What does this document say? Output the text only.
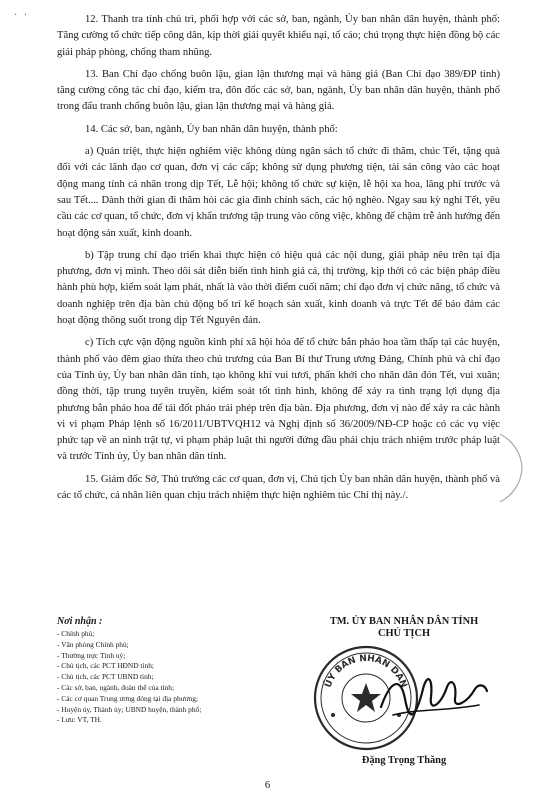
· ·	12. Thanh tra tỉnh chủ trì, phối hợp với các sở, ban, ngành, Ủy ban nhân dân huyện, thành phố: Tăng cường tổ chức tiếp công dân, kịp thời giải quyết khiếu nại, tố cáo; chú trọng thực hiện đồng bộ các giải pháp phòng, chống tham nhũng.

13. Ban Chỉ đạo chống buôn lậu, gian lận thương mại và hàng giả (Ban Chỉ đạo 389/ĐP tỉnh) tăng cường công tác chỉ đạo, kiểm tra, đôn đốc các sở, ban, ngành, Ủy ban nhân dân huyện, thành phố trong đấu tranh chống buôn lậu, gian lận thương mại và hàng giả.

14. Các sở, ban, ngành, Ủy ban nhân dân huyện, thành phố:

a) Quán triệt, thực hiện nghiêm việc không dùng ngân sách tổ chức đi thăm, chúc Tết, tặng quà đối với các lãnh đạo cơ quan, đơn vị các cấp; không sử dụng phương tiện, tài sản công vào các hoạt động mang tính cá nhân trong dịp Tết, Lễ hội; không tổ chức sự kiện, lễ hội xa hoa, lãng phí trước và sau Tết.... Dành thời gian đi thăm hỏi các gia đình chính sách, các hộ nghèo. Ngay sau kỳ nghỉ Tết, yêu cầu các cơ quan, tổ chức, đơn vị khẩn trương tập trung vào công việc, không để chậm trễ ảnh hưởng đến hoạt động sản xuất, kinh doanh.

b) Tập trung chỉ đạo triển khai thực hiện có hiệu quả các nội dung, giải pháp nêu trên tại địa phương, đơn vị mình. Theo dõi sát diễn biến tình hình giá cả, thị trường, kịp thời có các biện pháp điều hành phù hợp, kiểm soát lạm phát, nhất là vào thời điểm cuối năm; chỉ đạo đơn vị chức năng, tổ chức và doanh nghiệp trên địa bàn chủ động bố trí kế hoạch sản xuất, kinh doanh và trực Tết để bảo đảm các hoạt động thông suốt trong dịp Tết Nguyên đán.

c) Tích cực vận động nguồn kinh phí xã hội hóa để tổ chức bắn pháo hoa tầm thấp tại các huyện, thành phố vào đêm giao thừa theo chủ trương của Ban Bí thư Trung ương Đảng, Chính phủ và chỉ đạo của Tỉnh ủy, Ủy ban nhân dân tỉnh, tạo không khí vui tươi, phấn khởi cho nhân dân đón Tết, vui xuân; đồng thời, tập trung tuyên truyền, kiểm soát tốt tình hình, không để xảy ra tình trạng lợi dụng địa phương bắn pháo hoa để tái đốt pháo trái phép trên địa bàn. Địa phương, đơn vị nào để xảy ra các hành vi vi phạm Pháp lệnh số 16/2011/UBTVQH12 và Nghị định số 36/2009/NĐ-CP hoặc có các vụ việc phức tạp về an ninh trật tự, vi phạm pháp luật thì người đứng đầu phải chịu trách nhiệm trước pháp luật và trước Tỉnh ủy, Ủy ban nhân dân tỉnh.

15. Giám đốc Sở, Thủ trưởng các cơ quan, đơn vị, Chủ tịch Ủy ban nhân dân huyện, thành phố và các tổ chức, cá nhân liên quan chịu trách nhiệm thực hiện nghiêm túc Chỉ thị này./.

Nơi nhận :
- Chính phủ;
- Văn phòng Chính phủ;
- Thường trực Tỉnh uỷ;
- Chủ tịch, các PCT HĐND tỉnh;
- Chủ tịch, các PCT UBND tỉnh;
- Các sở, ban, ngành, đoàn thể của tỉnh;
- Các cơ quan Trung ương đóng tại địa phương;
- Huyện ủy, Thành ủy; UBND huyện, thành phố;
- Lưu: VT, TH.
TM. ỦY BAN NHÂN DÂN TỈNH
CHỦ TỊCH
ỦY BAN NHÂN DÂN
Đặng Trọng Thăng
6
